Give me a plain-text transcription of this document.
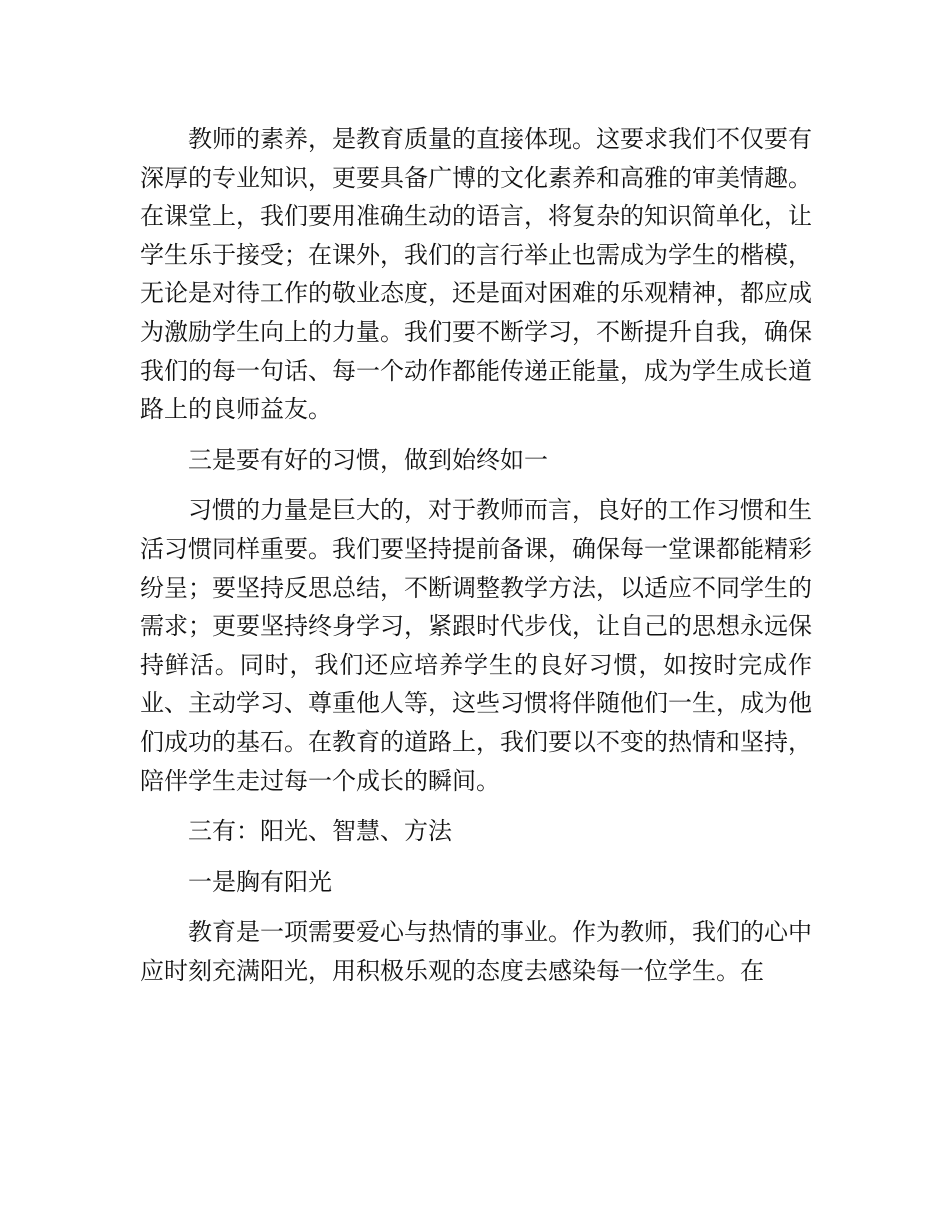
教师的素养，是教育质量的直接体现。这要求我们不仅要有深厚的专业知识，更要具备广博的文化素养和高雅的审美情趣。在课堂上，我们要用准确生动的语言，将复杂的知识简单化，让学生乐于接受；在课外，我们的言行举止也需成为学生的楷模，无论是对待工作的敬业态度，还是面对困难的乐观精神，都应成为激励学生向上的力量。我们要不断学习，不断提升自我，确保我们的每一句话、每一个动作都能传递正能量，成为学生成长道路上的良师益友。

三是要有好的习惯，做到始终如一

习惯的力量是巨大的，对于教师而言，良好的工作习惯和生活习惯同样重要。我们要坚持提前备课，确保每一堂课都能精彩纷呈；要坚持反思总结，不断调整教学方法，以适应不同学生的需求；更要坚持终身学习，紧跟时代步伐，让自己的思想永远保持鲜活。同时，我们还应培养学生的良好习惯，如按时完成作业、主动学习、尊重他人等，这些习惯将伴随他们一生，成为他们成功的基石。在教育的道路上，我们要以不变的热情和坚持，陪伴学生走过每一个成长的瞬间。

三有：阳光、智慧、方法

一是胸有阳光

教育是一项需要爱心与热情的事业。作为教师，我们的心中应时刻充满阳光，用积极乐观的态度去感染每一位学生。在
